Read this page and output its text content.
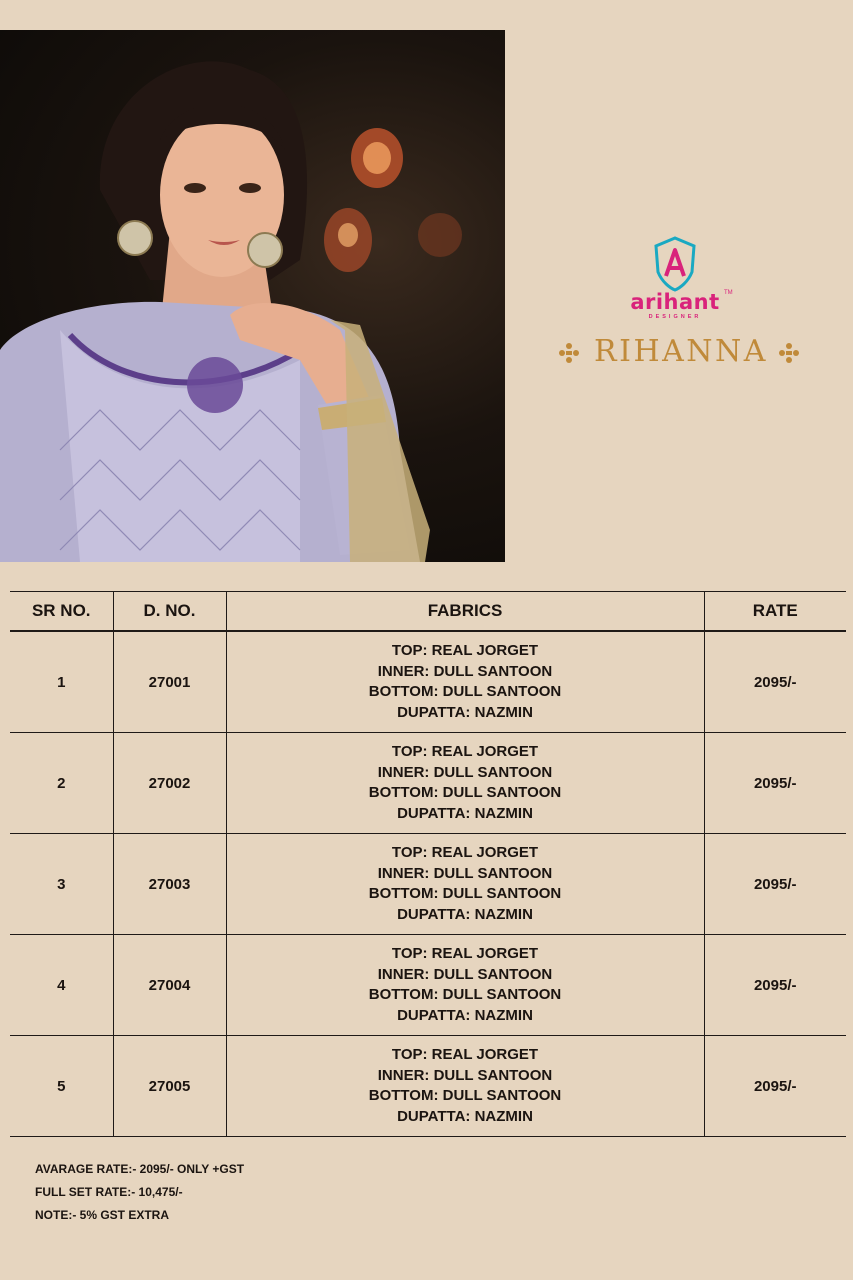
arihant TM
DESIGNER
RIHANNA
SR NO.	D. NO.	FABRICS	RATE
1	27001	TOP: REAL JORGET
INNER: DULL SANTOON
BOTTOM: DULL SANTOON
DUPATTA: NAZMIN	2095/-
2	27002	TOP: REAL JORGET
INNER: DULL SANTOON
BOTTOM: DULL SANTOON
DUPATTA: NAZMIN	2095/-
3	27003	TOP: REAL JORGET
INNER: DULL SANTOON
BOTTOM: DULL SANTOON
DUPATTA: NAZMIN	2095/-
4	27004	TOP: REAL JORGET
INNER: DULL SANTOON
BOTTOM: DULL SANTOON
DUPATTA: NAZMIN	2095/-
5	27005	TOP: REAL JORGET
INNER: DULL SANTOON
BOTTOM: DULL SANTOON
DUPATTA: NAZMIN	2095/-
AVARAGE RATE:- 2095/- ONLY +GST
FULL SET RATE:- 10,475/-
NOTE:- 5% GST EXTRA
